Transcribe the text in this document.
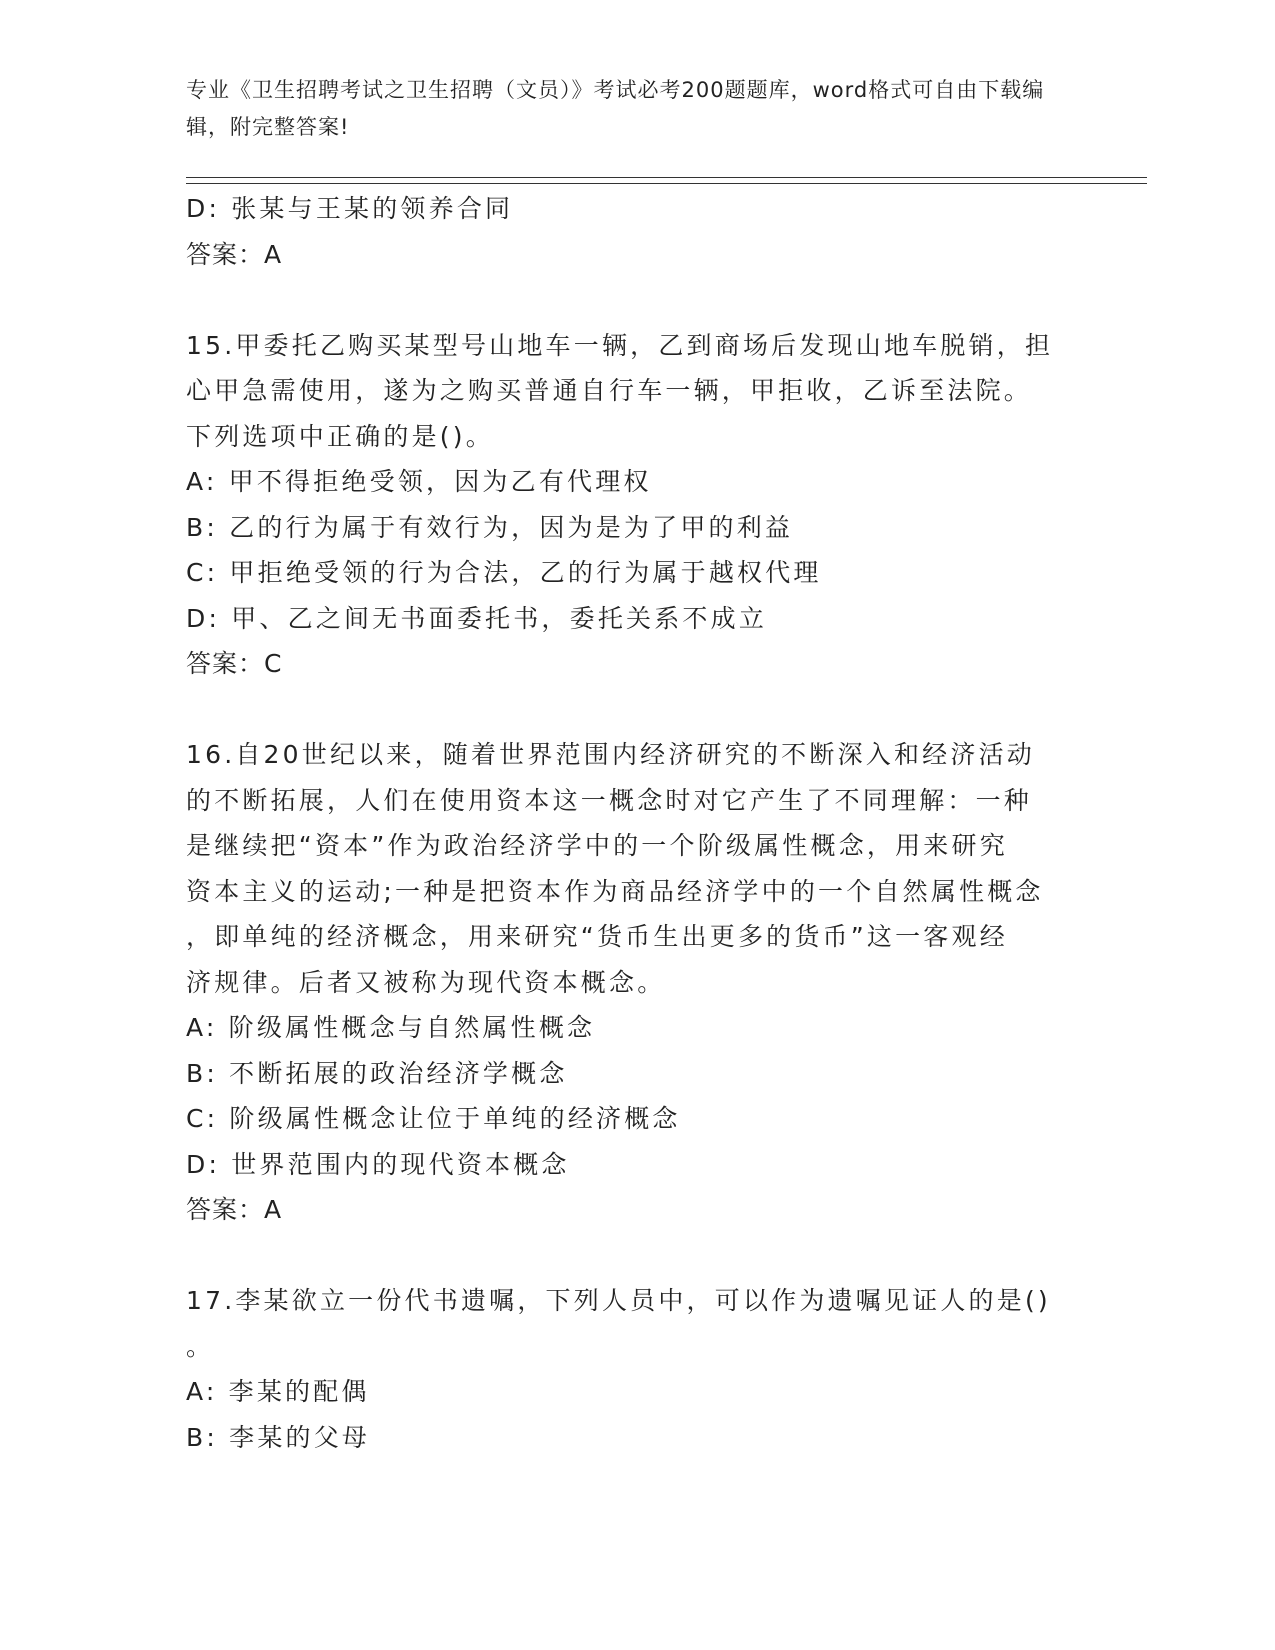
专业《卫生招聘考试之卫生招聘（文员）》考试必考200题题库，word格式可自由下载编辑，附完整答案!
D: 张某与王某的领养合同
答案：A
15.甲委托乙购买某型号山地车一辆，乙到商场后发现山地车脱销，担
心甲急需使用，遂为之购买普通自行车一辆，甲拒收，乙诉至法院。
下列选项中正确的是()。
A: 甲不得拒绝受领，因为乙有代理权
B: 乙的行为属于有效行为，因为是为了甲的利益
C: 甲拒绝受领的行为合法，乙的行为属于越权代理
D: 甲、乙之间无书面委托书，委托关系不成立
答案：C
16.自20世纪以来，随着世界范围内经济研究的不断深入和经济活动
的不断拓展，人们在使用资本这一概念时对它产生了不同理解：一种
是继续把“资本”作为政治经济学中的一个阶级属性概念，用来研究
资本主义的运动;一种是把资本作为商品经济学中的一个自然属性概念
，即单纯的经济概念，用来研究“货币生出更多的货币”这一客观经
济规律。后者又被称为现代资本概念。
A: 阶级属性概念与自然属性概念
B: 不断拓展的政治经济学概念
C: 阶级属性概念让位于单纯的经济概念
D: 世界范围内的现代资本概念
答案：A
17.李某欲立一份代书遗嘱，下列人员中，可以作为遗嘱见证人的是()
。
A: 李某的配偶
B: 李某的父母
